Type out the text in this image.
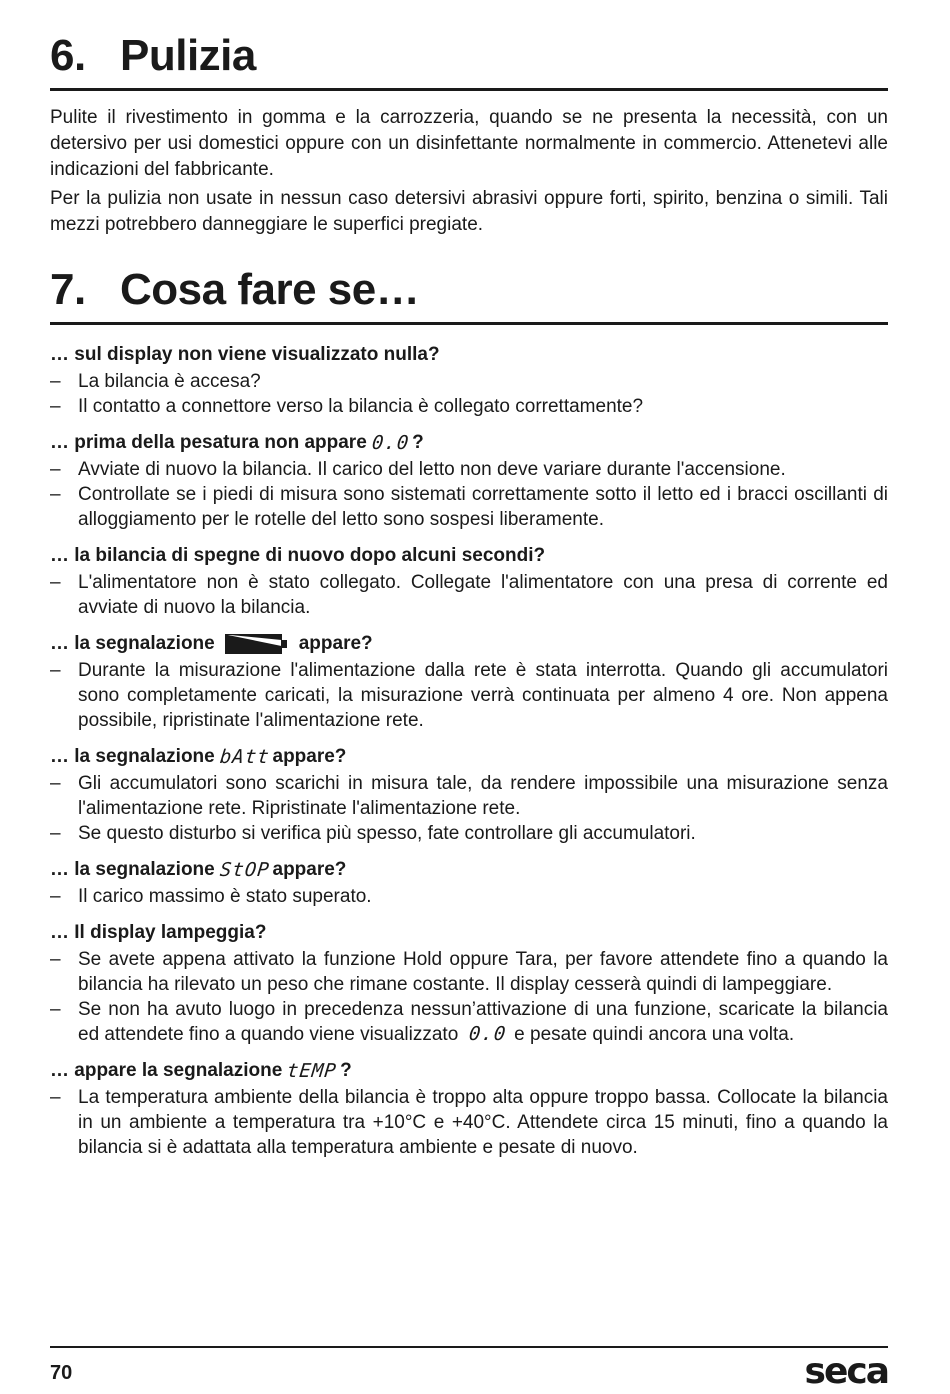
6. Pulizia

Pulite il rivestimento in gomma e la carrozzeria, quando se ne presenta la necessità, con un detersivo per usi domestici oppure con un disinfettante normalmente in commercio. Attenetevi alle indicazioni del fabbricante.

Per la pulizia non usate in nessun caso detersivi abrasivi oppure forti, spirito, benzina o simili. Tali mezzi potrebbero danneggiare le superfici pregiate.

7. Cosa fare se…

… sul display non viene visualizzato nulla?

– La bilancia è accesa?
– Il contatto a connettore verso la bilancia è collegato correttamente?

… prima della pesatura non appare 0.0 ?

– Avviate di nuovo la bilancia. Il carico del letto non deve variare durante l'accensione.
– Controllate se i piedi di misura sono sistemati correttamente sotto il letto ed i bracci oscillanti di alloggiamento per le rotelle del letto sono sospesi liberamente.

… la bilancia di spegne di nuovo dopo alcuni secondi?

– L'alimentatore non è stato collegato. Collegate l'alimentatore con una presa di corrente ed avviate di nuovo la bilancia.

… la segnalazione	appare?

– Durante la misurazione l'alimentazione dalla rete è stata interrotta. Quando gli accumulatori sono completamente caricati, la misurazione verrà continuata per almeno 4 ore. Non appena possibile, ripristinate l'alimentazione rete.

… la segnalazione bAtt appare?

– Gli accumulatori sono scarichi in misura tale, da rendere impossibile una misurazione senza l'alimentazione rete. Ripristinate l'alimentazione rete.
– Se questo disturbo si verifica più spesso, fate controllare gli accumulatori.

… la segnalazione StOP appare?

– Il carico massimo è stato superato.

… Il display lampeggia?

– Se avete appena attivato la funzione Hold oppure Tara, per favore attendete fino a quando la bilancia ha rilevato un peso che rimane costante. Il display cesserà quindi di lampeggiare.
– Se non ha avuto luogo in precedenza nessun’attivazione di una funzione, scaricate la bilancia ed attendete fino a quando viene visualizzato 0.0 e pesate quindi ancora una volta.

… appare la segnalazione tEMP ?

– La temperatura ambiente della bilancia è troppo alta oppure troppo bassa. Collocate la bilancia in un ambiente a temperatura tra +10°C e +40°C. Attendete circa 15 minuti, fino a quando la bilancia si è adattata alla temperatura ambiente e pesate di nuovo.
70	seca
